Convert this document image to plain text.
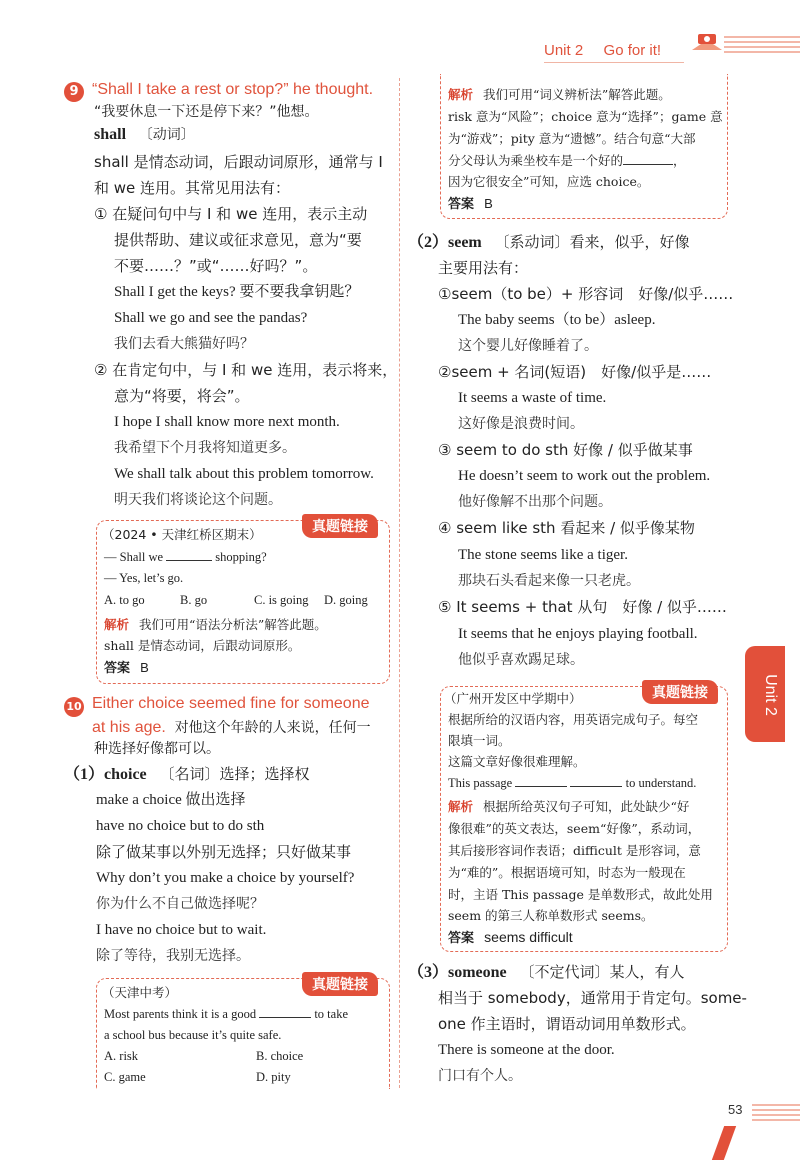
Unit 2 Go for it!
Unit 2
9 “Shall I take a rest or stop?” he thought.
“我要休息一下还是停下来？”他想。
shall 〔动词〕
shall 是情态动词，后跟动词原形，通常与 I
和 we 连用。其常见用法有：
① 在疑问句中与 I 和 we 连用，表示主动
提供帮助、建议或征求意见，意为“要
不要……？”或“……好吗？”。
Shall I get the keys? 要不要我拿钥匙？
Shall we go and see the pandas?
我们去看大熊猫好吗？
② 在肯定句中，与 I 和 we 连用，表示将来，
意为“将要，将会”。
I hope I shall know more next month.
我希望下个月我将知道更多。
We shall talk about this problem tomorrow.
明天我们将谈论这个问题。
真题链接
（2024 • 天津红桥区期末）
— Shall we	shopping?
— Yes, let’s go.
A. to go	B. go	C. is going D. going
解析 我们可用“语法分析法”解答此题。
shall 是情态动词，后跟动词原形。
答案 B
10 Either choice seemed fine for someone
at his age. 对他这个年龄的人来说，任何一
种选择好像都可以。
（1）choice 〔名词〕选择；选择权
make a choice 做出选择
have no choice but to do sth
除了做某事以外别无选择；只好做某事
Why don’t you make a choice by yourself?
你为什么不自己做选择呢？
I have no choice but to wait.
除了等待，我别无选择。
真题链接
（天津中考）
Most parents think it is a good	to take
a school bus because it’s quite safe.
A. risk	B. choice
C. game	D. pity
解析 我们可用“词义辨析法”解答此题。
risk 意为“风险”；choice 意为“选择”；game 意
为“游戏”；pity 意为“遗憾”。结合句意“大部
分父母认为乘坐校车是一个好的	，
因为它很安全”可知，应选 choice。
答案 B
（2）seem 〔系动词〕看来，似乎，好像
主要用法有：
①seem（to be）+ 形容词　好像/似乎……
The baby seems（to be）asleep.
这个婴儿好像睡着了。
②seem + 名词(短语)　好像/似乎是……
It seems a waste of time.
这好像是浪费时间。
③ seem to do sth 好像 / 似乎做某事
He doesn’t seem to work out the problem.
他好像解不出那个问题。
④ seem like sth 看起来 / 似乎像某物
The stone seems like a tiger.
那块石头看起来像一只老虎。
⑤ It seems + that 从句　好像 / 似乎……
It seems that he enjoys playing football.
他似乎喜欢踢足球。
真题链接
（广州开发区中学期中）
根据所给的汉语内容，用英语完成句子。每空
限填一词。
这篇文章好像很难理解。
This passage	to understand.
解析 根据所给英汉句子可知，此处缺少“好
像很难”的英文表达，seem“好像”，系动词，
其后接形容词作表语；difficult 是形容词，意
为“难的”。根据语境可知，时态为一般现在
时，主语 This passage 是单数形式，故此处用
seem 的第三人称单数形式 seems。
答案 seems difficult
（3）someone 〔不定代词〕某人，有人
相当于 somebody，通常用于肯定句。some-
one 作主语时，谓语动词用单数形式。
There is someone at the door.
门口有个人。
53
